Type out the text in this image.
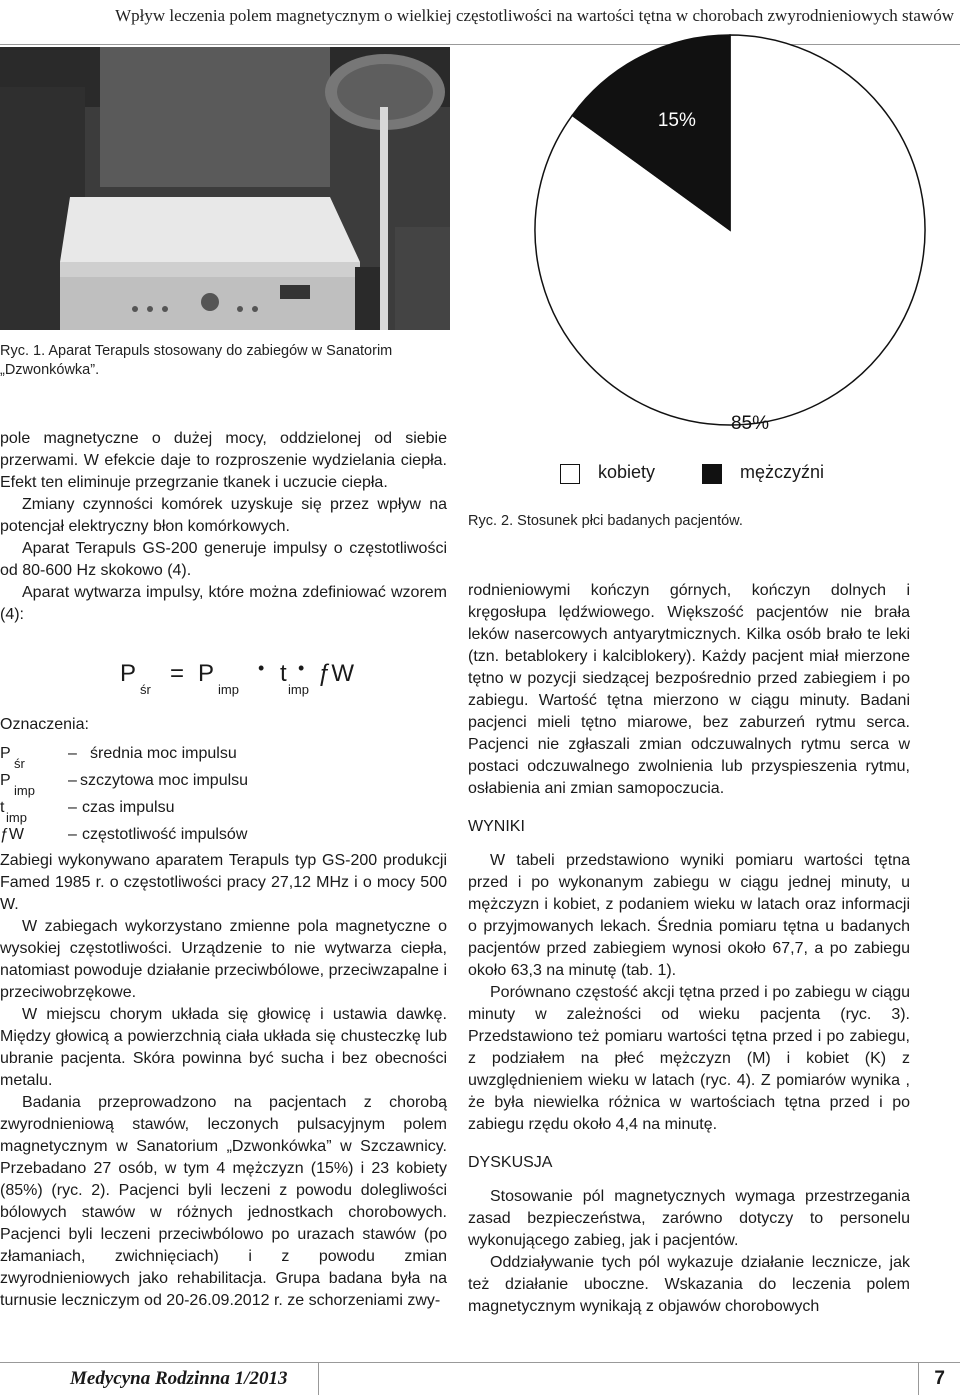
Wpływ leczenia polem magnetycznym o wielkiej częstotliwości na wartości tętna w chorobach zwyrodnieniowych stawów
Ryc. 1. Aparat Terapuls stosowany do zabiegów w Sanatorim
„Dzwonkówka”.
85%
15%
kobiety	mężczyźni
Ryc. 2. Stosunek płci badanych pacjentów.

pole magnetyczne o dużej mocy, oddzielonej od siebie przerwami. W efekcie daje to rozproszenie wydzielania ciepła. Efekt ten eliminuje przegrzanie tkanek i uczucie ciepła.

Zmiany czynności komórek uzyskuje się przez wpływ na potencjał elektryczny błon komórkowych.

Aparat Terapuls GS-200 generuje impulsy o częstotliwości od 80-600 Hz skokowo (4).

Aparat wytwarza impulsy, które można zdefiniować wzorem (4):

P
śr
= P
imp
• t
imp
• ƒW
Oznaczenia:
P
śr
– średnia moc impulsu
P
imp
– szczytowa moc impulsu
t
imp
– czas impulsu
ƒW	– częstotliwość impulsów

Zabiegi wykonywano aparatem Terapuls typ GS-200 produkcji Famed 1985 r. o częstotliwości pracy 27,12 MHz i o mocy 500 W.

W zabiegach wykorzystano zmienne pola magnetyczne o wysokiej częstotliwości. Urządzenie to nie wytwarza ciepła, natomiast powoduje działanie przeciwbólowe, przeciwzapalne i przeciwobrzękowe.

W miejscu chorym układa się głowicę i ustawia dawkę. Między głowicą a powierzchnią ciała układa się chusteczkę lub ubranie pacjenta. Skóra powinna być sucha i bez obecności metalu.

Badania przeprowadzono na pacjentach z chorobą zwyrodnieniową stawów, leczonych pulsacyjnym polem magnetycznym w Sanatorium „Dzwonkówka” w Szczawnicy. Przebadano 27 osób, w tym 4 mężczyzn (15%) i 23 kobiety (85%) (ryc. 2). Pacjenci byli leczeni z powodu dolegliwości bólowych stawów w różnych jednostkach chorobowych. Pacjenci byli leczeni przeciwbólowo po urazach stawów (po złamaniach, zwichnięciach) i z powodu zmian zwyrodnieniowych jako rehabilitacja. Grupa badana była na turnusie leczniczym od 20-26.09.2012 r. ze schorzeniami zwy-

rodnieniowymi kończyn górnych, kończyn dolnych i kręgosłupa lędźwiowego. Większość pacjentów nie brała leków nasercowych antyarytmicznych. Kilka osób brało te leki (tzn. betablokery i kalciblokery). Każdy pacjent miał mierzone tętno w pozycji siedzącej bezpośrednio przed zabiegiem i po zabiegu. Wartość tętna mierzono w ciągu minuty. Badani pacjenci mieli tętno miarowe, bez zaburzeń rytmu serca. Pacjenci nie zgłaszali zmian odczuwalnych rytmu serca w postaci odczuwalnego zwolnienia lub przyspieszenia rytmu, osłabienia ani zmian samopoczucia.

WYNIKI

W tabeli przedstawiono wyniki pomiaru wartości tętna przed i po wykonanym zabiegu w ciągu jednej minuty, u mężczyzn i kobiet, z podaniem wieku w latach oraz informacji o przyjmowanych lekach. Średnia pomiaru tętna u badanych pacjentów przed zabiegiem wynosi około 67,7, a po zabiegu około 63,3 na minutę (tab. 1).

Porównano częstość akcji tętna przed i po zabiegu w ciągu minuty w zależności od wieku pacjenta (ryc. 3). Przedstawiono też pomiaru wartości tętna przed i po zabiegu, z podziałem na płeć mężczyzn (M) i kobiet (K) z uwzględnieniem wieku w latach (ryc. 4). Z pomiarów wynika , że była niewielka różnica w wartościach tętna przed i po zabiegu rzędu około 4,4 na minutę.

DYSKUSJA

Stosowanie pól magnetycznych wymaga przestrzegania zasad bezpieczeństwa, zarówno dotyczy to personelu wykonującego zabieg, jak i pacjentów.

Oddziaływanie tych pól wykazuje działanie lecznicze, jak też działanie uboczne. Wskazania do leczenia polem magnetycznym wynikają z objawów chorobowych

Medycyna Rodzinna 1/2013	7
